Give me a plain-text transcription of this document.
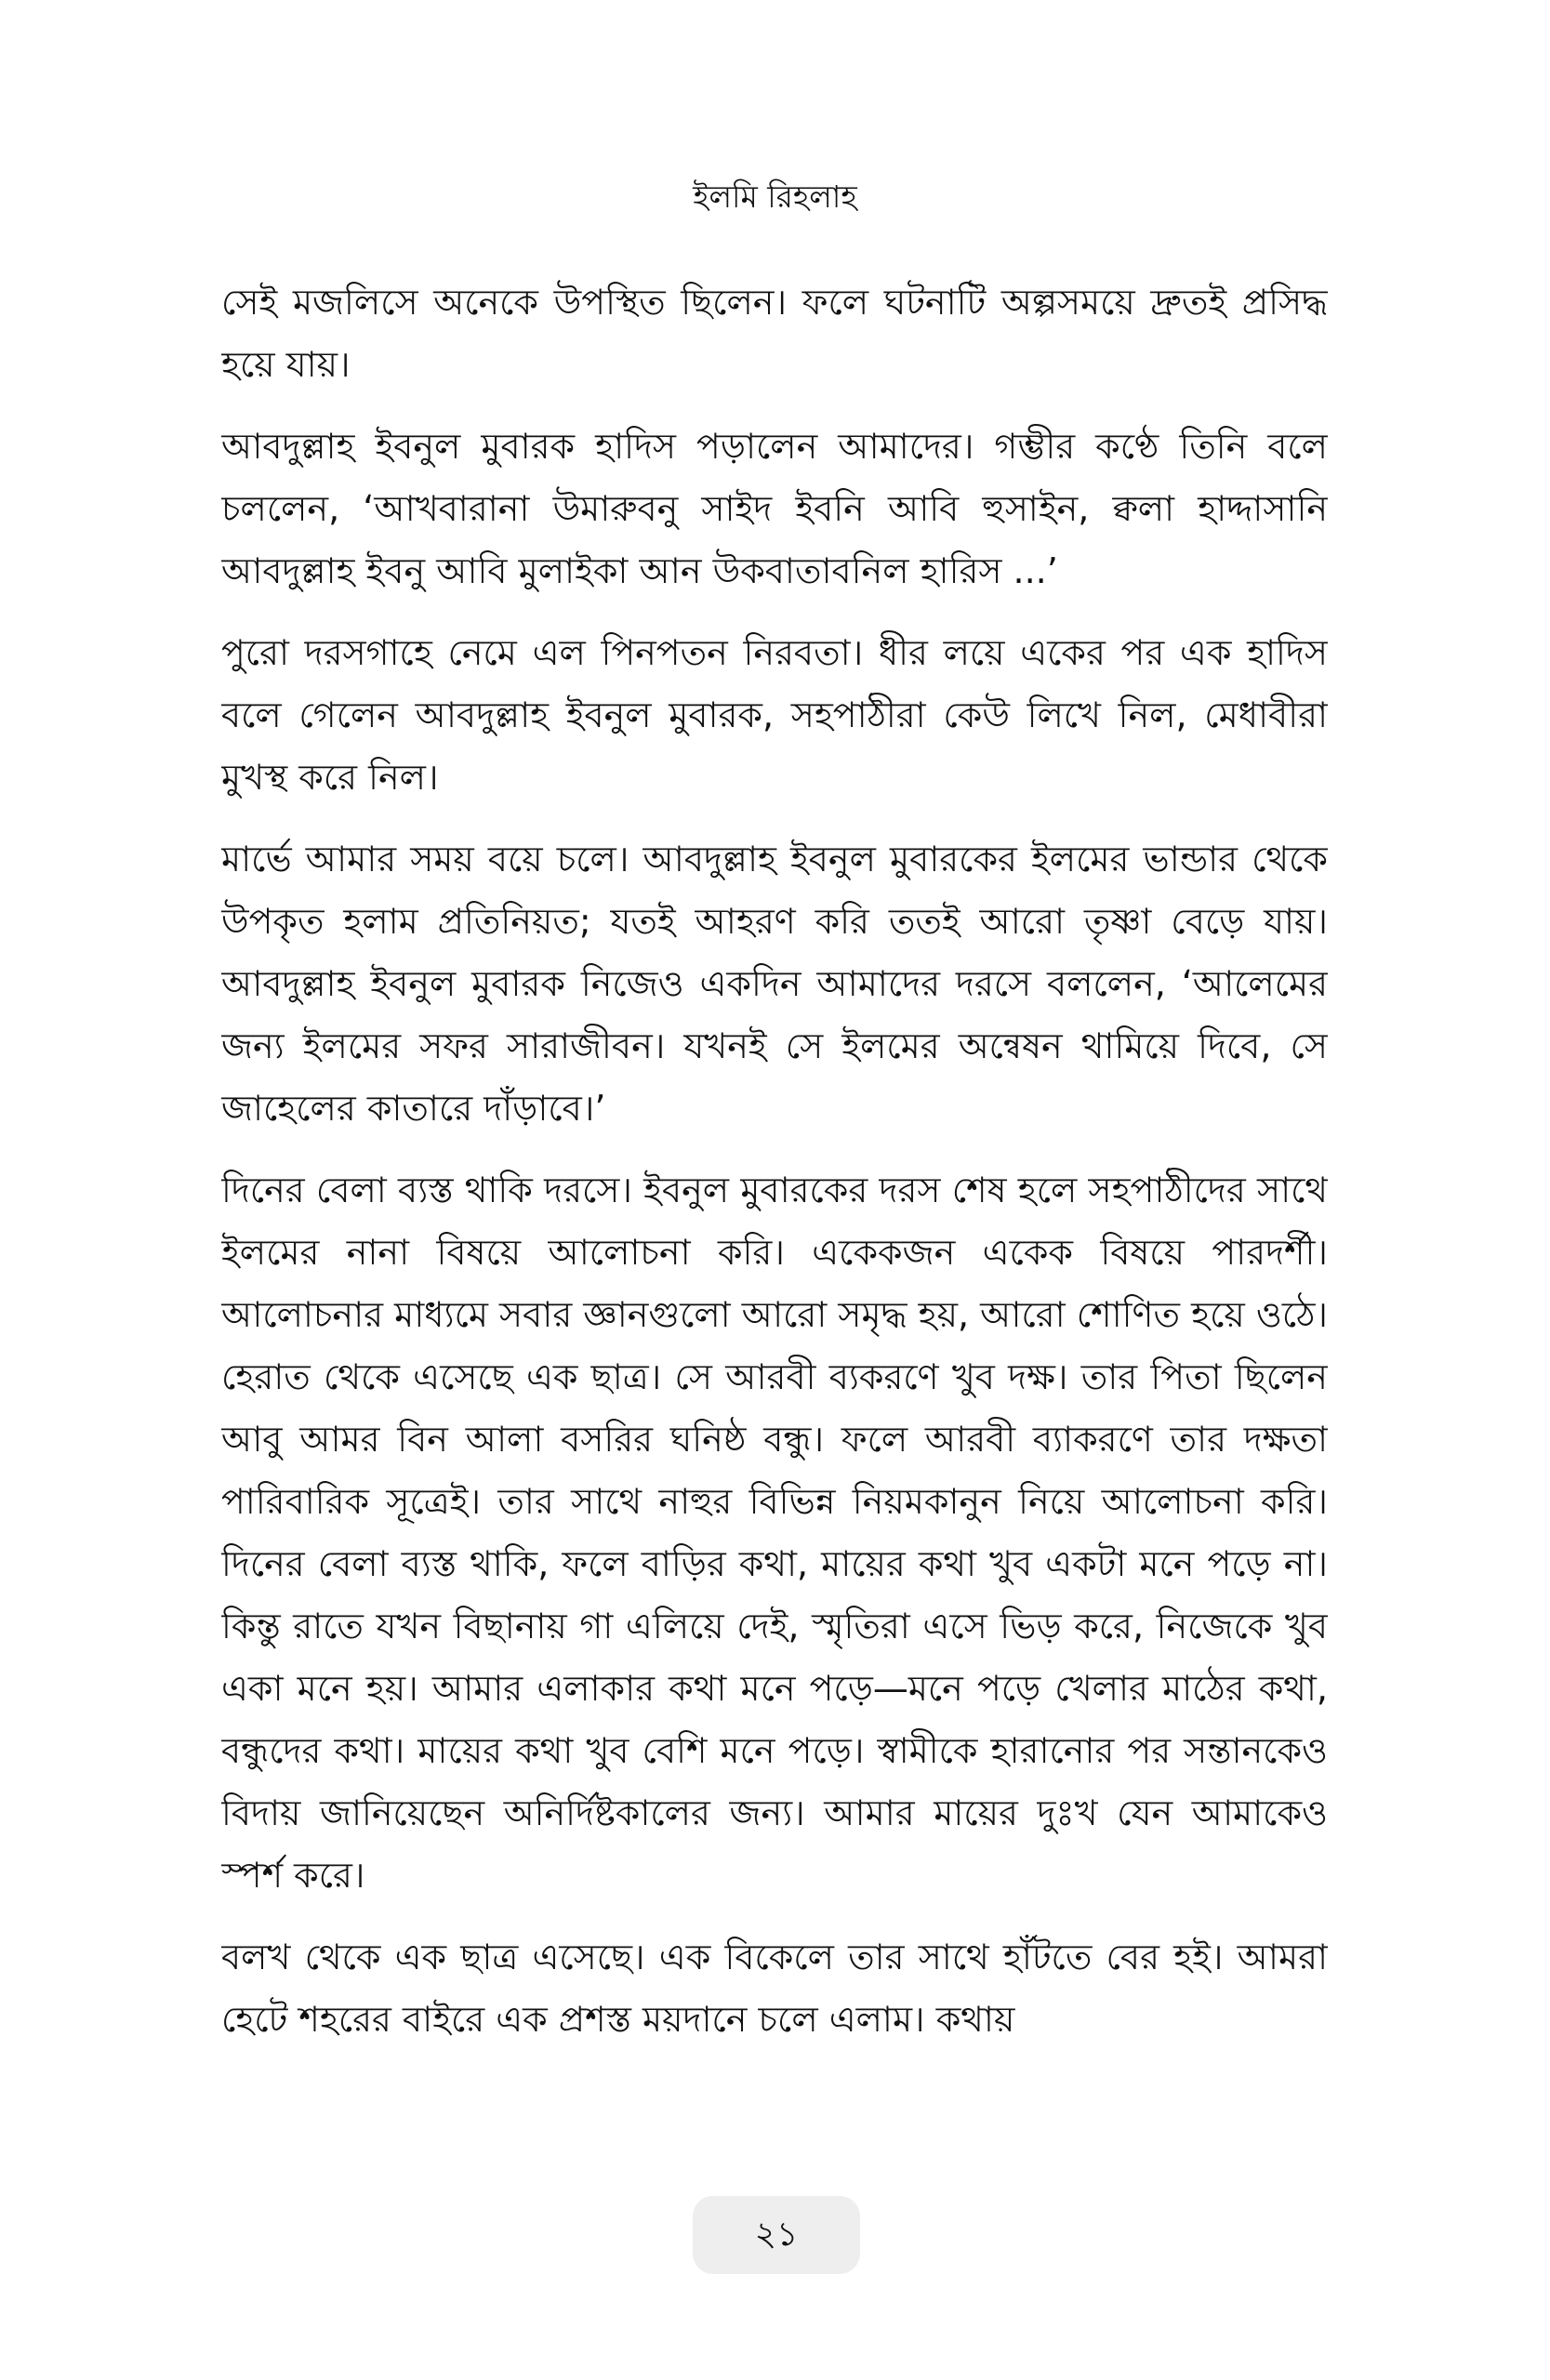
ইলমি রিহলাহ

সেই মজলিসে অনেকে উপস্থিত ছিলেন। ফলে ঘটনাটি অল্পসময়ে দ্রুতই প্রসিদ্ধ হয়ে যায়।

আবদুল্লাহ ইবনুল মুবারক হাদিস পড়ালেন আমাদের। গম্ভীর কণ্ঠে তিনি বলে চললেন, ‘আখবারানা উমারুবনু সাইদ ইবনি আবি হুসাইন, ক্বলা হাদ্দাসানি আবদুল্লাহ ইবনু আবি মুলাইকা আন উকবাতাবনিল হারিস ...’

পুরো দরসগাহে নেমে এল পিনপতন নিরবতা। ধীর লয়ে একের পর এক হাদিস বলে গেলেন আবদুল্লাহ ইবনুল মুবারক, সহপাঠীরা কেউ লিখে নিল, মেধাবীরা মুখস্থ করে নিল।

মার্ভে আমার সময় বয়ে চলে। আবদুল্লাহ ইবনুল মুবারকের ইলমের ভান্ডার থেকে উপকৃত হলাম প্রতিনিয়ত; যতই আহরণ করি ততই আরো তৃষ্ণা বেড়ে যায়। আবদুল্লাহ ইবনুল মুবারক নিজেও একদিন আমাদের দরসে বললেন, ‘আলেমের জন্য ইলমের সফর সারাজীবন। যখনই সে ইলমের অন্বেষন থামিয়ে দিবে, সে জাহেলের কাতারে দাঁড়াবে।’

দিনের বেলা ব্যস্ত থাকি দরসে। ইবনুল মুবারকের দরস শেষ হলে সহপাঠীদের সাথে ইলমের নানা বিষয়ে আলোচনা করি। একেকজন একেক বিষয়ে পারদর্শী। আলোচনার মাধ্যমে সবার জ্ঞানগুলো আরো সমৃদ্ধ হয়, আরো শোণিত হয়ে ওঠে। হেরাত থেকে এসেছে এক ছাত্র। সে আরবী ব্যকরণে খুব দক্ষ। তার পিতা ছিলেন আবু আমর বিন আলা বসরির ঘনিষ্ঠ বন্ধু। ফলে আরবী ব্যাকরণে তার দক্ষতা পারিবারিক সূত্রেই। তার সাথে নাহুর বিভিন্ন নিয়মকানুন নিয়ে আলোচনা করি। দিনের বেলা ব্যস্ত থাকি, ফলে বাড়ির কথা, মায়ের কথা খুব একটা মনে পড়ে না। কিন্তু রাতে যখন বিছানায় গা এলিয়ে দেই, স্মৃতিরা এসে ভিড় করে, নিজেকে খুব একা মনে হয়। আমার এলাকার কথা মনে পড়ে—মনে পড়ে খেলার মাঠের কথা, বন্ধুদের কথা। মায়ের কথা খুব বেশি মনে পড়ে। স্বামীকে হারানোর পর সন্তানকেও বিদায় জানিয়েছেন অনির্দিষ্টকালের জন্য। আমার মায়ের দুঃখ যেন আমাকেও স্পর্শ করে।

বলখ থেকে এক ছাত্র এসেছে। এক বিকেলে তার সাথে হাঁটতে বের হই। আমরা হেটে শহরের বাইরে এক প্রশস্ত ময়দানে চলে এলাম। কথায়

২১
